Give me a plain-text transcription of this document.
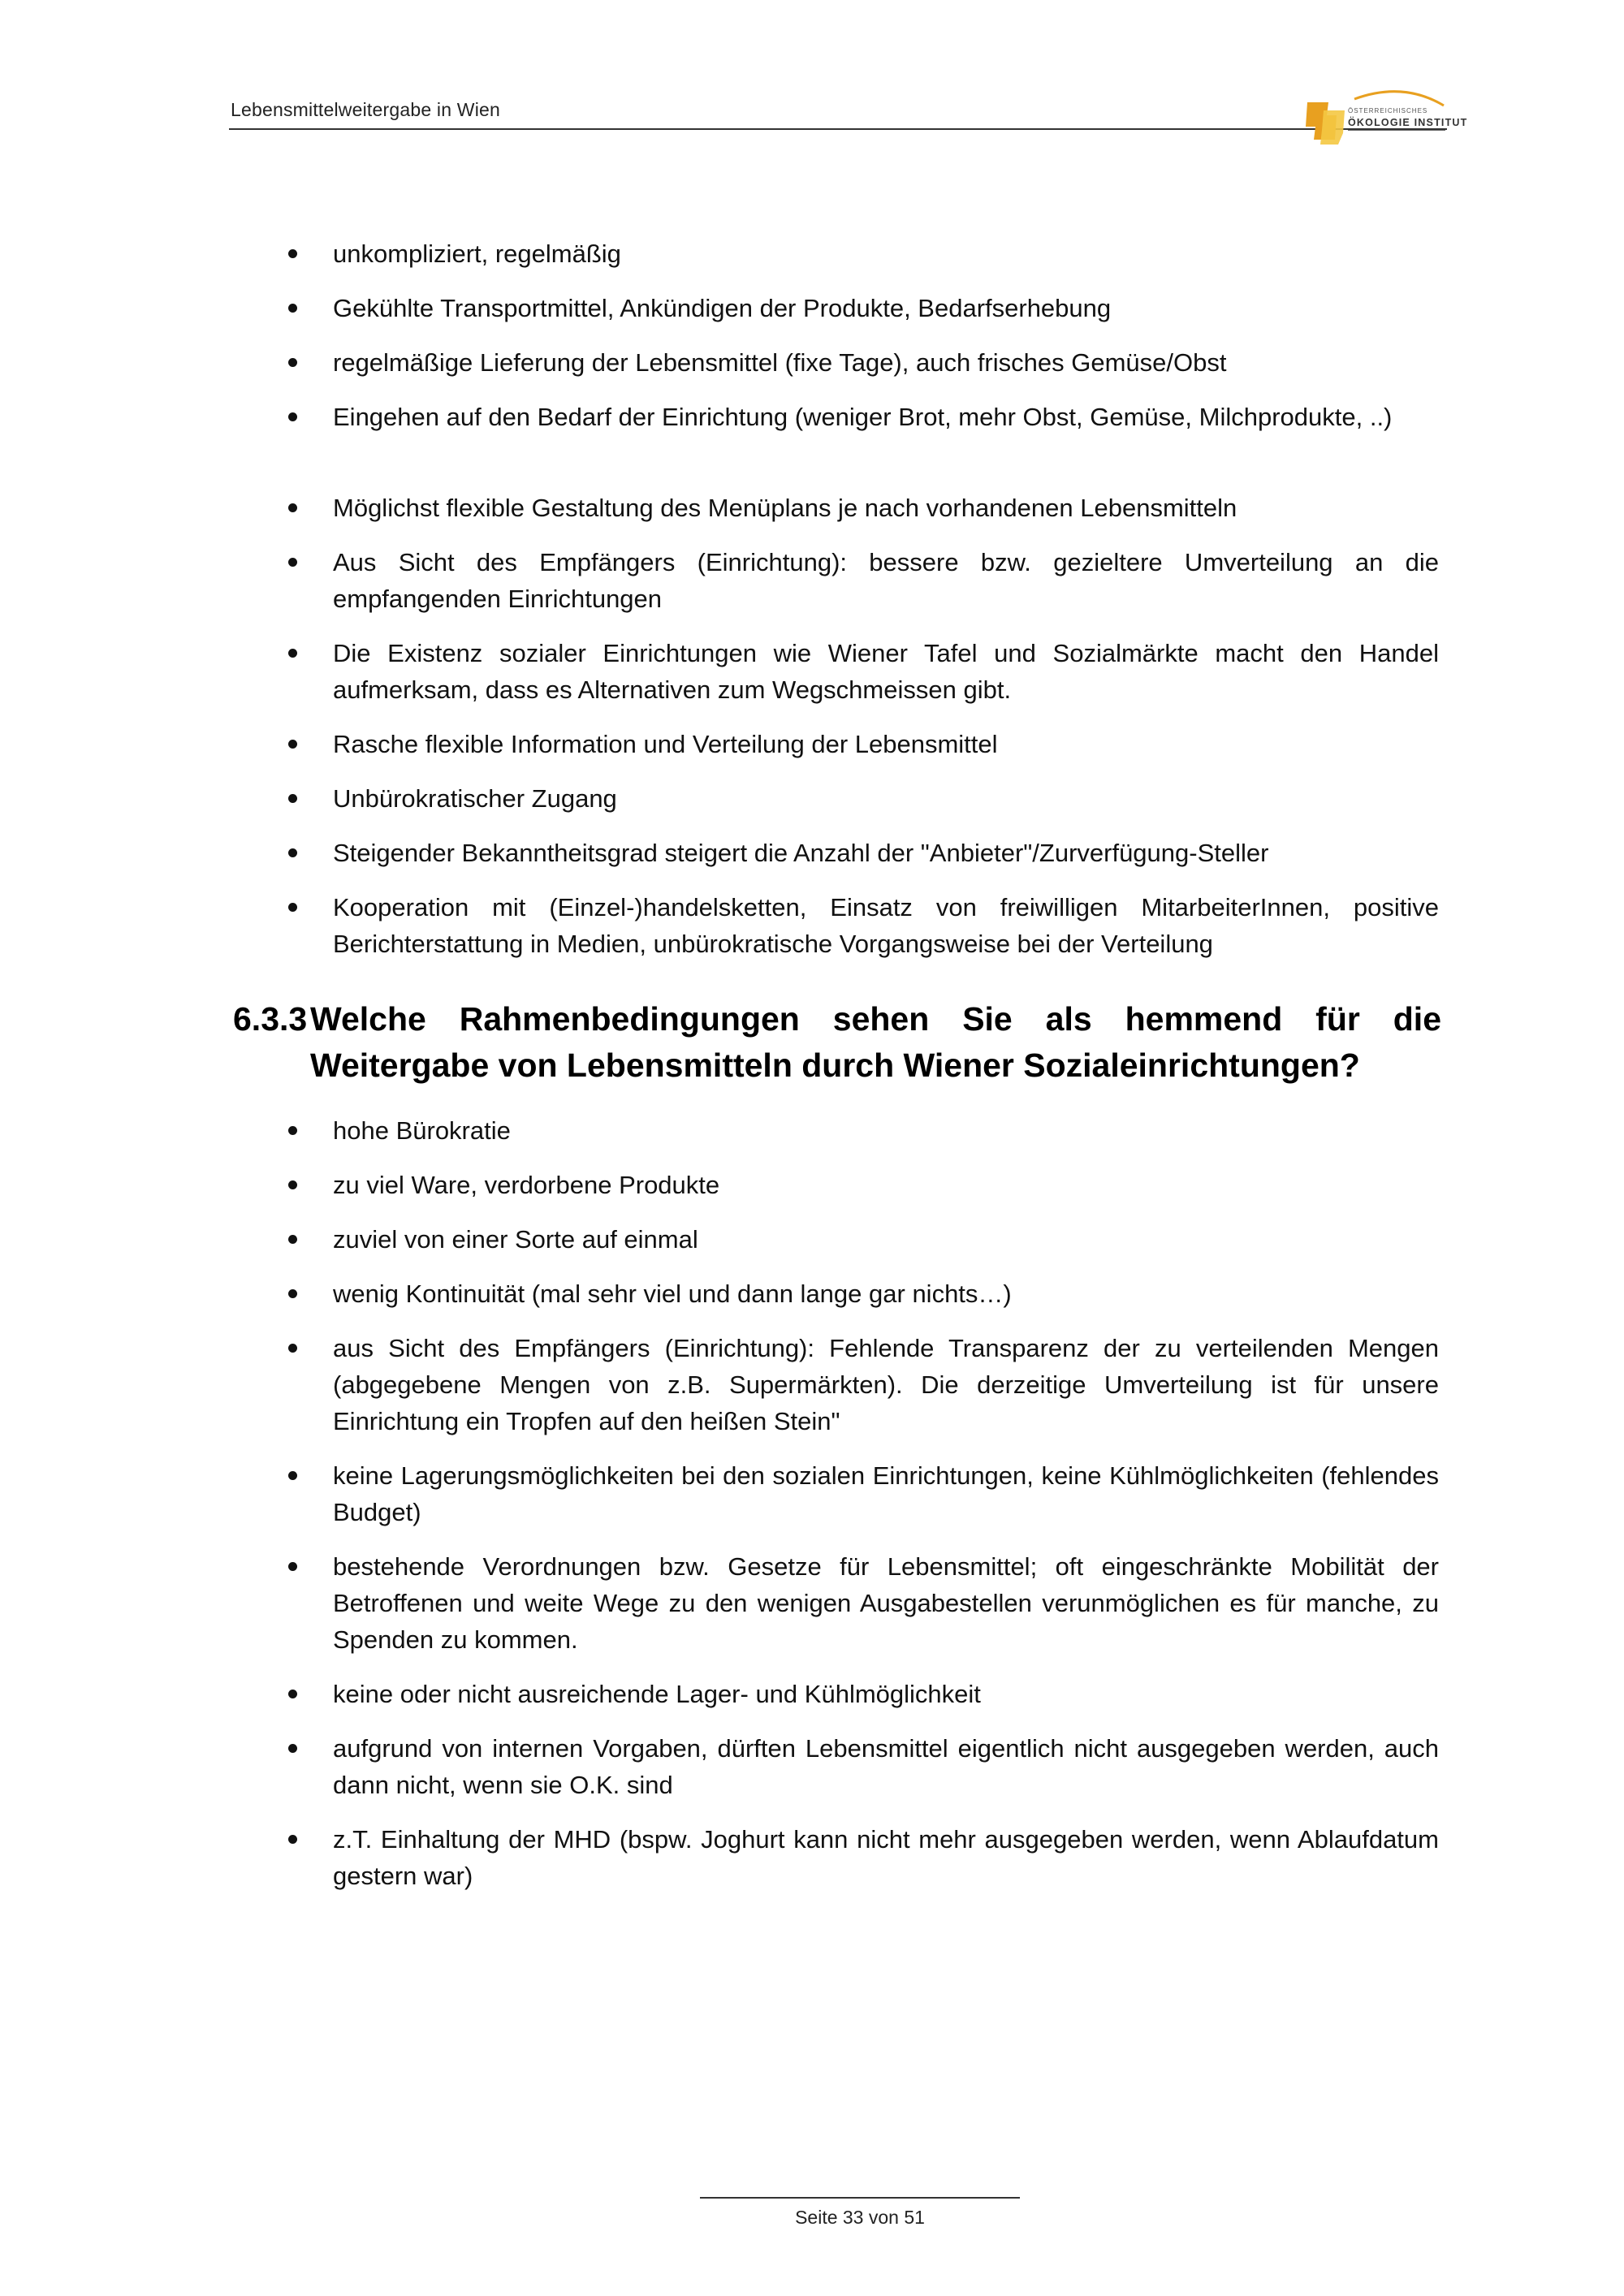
Lebensmittelweitergabe in Wien	ÖSTERREICHISCHES
ÖKOLOGIE INSTITUT
unkompliziert, regelmäßig
Gekühlte Transportmittel, Ankündigen der Produkte, Bedarfserhebung
regelmäßige Lieferung der Lebensmittel (fixe Tage), auch frisches Gemüse/Obst
Eingehen auf den Bedarf der Einrichtung (weniger Brot, mehr Obst, Gemüse, Milchprodukte, ..)
Möglichst flexible Gestaltung des Menüplans je nach vorhandenen Lebensmitteln
Aus Sicht des Empfängers (Einrichtung): bessere bzw. gezieltere Umverteilung an die empfangenden Einrichtungen
Die Existenz sozialer Einrichtungen wie Wiener Tafel und Sozialmärkte macht den Handel aufmerksam, dass es Alternativen zum Wegschmeissen gibt.
Rasche flexible Information und Verteilung der Lebensmittel
Unbürokratischer Zugang
Steigender Bekanntheitsgrad steigert die Anzahl der "Anbieter"/Zurverfügung-Steller
Kooperation mit (Einzel-)handelsketten, Einsatz von freiwilligen MitarbeiterInnen, positive Berichterstattung in Medien, unbürokratische Vorgangsweise bei der Verteilung
6.3.3 Welche Rahmenbedingungen sehen Sie als hemmend für die Weitergabe von Lebensmitteln durch Wiener Sozialeinrichtungen?
hohe Bürokratie
zu viel Ware, verdorbene Produkte
zuviel von einer Sorte auf einmal
wenig Kontinuität (mal sehr viel und dann lange gar nichts…)
aus Sicht des Empfängers (Einrichtung): Fehlende Transparenz der zu verteilenden Mengen (abgegebene Mengen von z.B. Supermärkten). Die derzeitige Umverteilung ist für unsere Einrichtung ein Tropfen auf den heißen Stein"
keine Lagerungsmöglichkeiten bei den sozialen Einrichtungen, keine Kühlmöglichkeiten (fehlendes Budget)
bestehende Verordnungen bzw. Gesetze für Lebensmittel; oft eingeschränkte Mobilität der Betroffenen und weite Wege zu den wenigen Ausgabestellen verunmöglichen es für manche, zu Spenden zu kommen.
keine oder nicht ausreichende Lager- und Kühlmöglichkeit
aufgrund von internen Vorgaben, dürften Lebensmittel eigentlich nicht ausgegeben werden, auch dann nicht, wenn sie O.K. sind
z.T. Einhaltung der MHD (bspw. Joghurt kann nicht mehr ausgegeben werden, wenn Ablaufdatum gestern war)
Seite 33 von 51
